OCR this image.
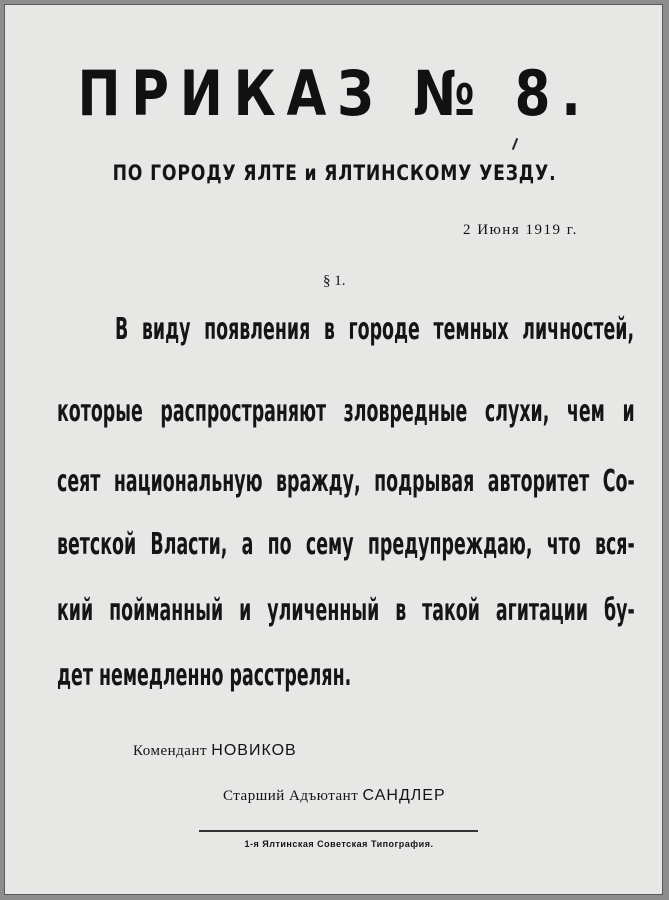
ПРИКАЗ № 8.
ПО ГОРОДУ ЯЛТЕ и ЯЛТИНСКОМУ УЕЗДУ.
2 Июня 1919 г.
§ 1.
В виду появления в городе темных личностей,
которые распространяют зловредные слухи, чем и
сеят национальную вражду, подрывая авторитет Со-
ветской Власти, а по сему предупреждаю, что вся-
кий пойманный и уличенный в такой агитации бу-
дет немедленно расстрелян.
Комендант НОВИКОВ
Старший Адъютант САНДЛЕР
1-я Ялтинская Советская Типография.
